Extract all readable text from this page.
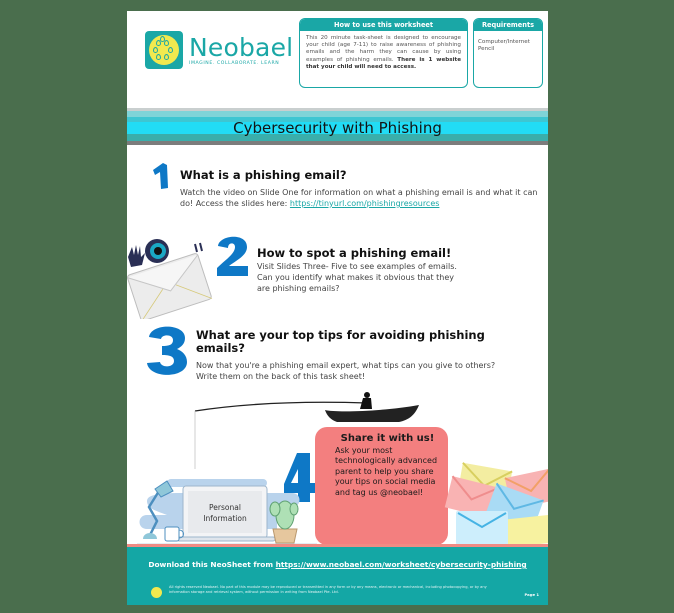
Neobael
IMAGINE. COLLABORATE. LEARN
How to use this worksheet
This 20 minute task-sheet is designed to encourage your child (age 7-11) to raise awareness of phishing emails and the harm they can cause by using examples of phishing emails. There is 1 website that your child will need to access.
Requirements
Computer/Internet
Pencil
Cybersecurity with Phishing
What is a phishing email?
Watch the video on Slide One for information on what a phishing email is and what it can do! Access the slides here: https://tinyurl.com/phishingresources
How to spot a phishing email!
Visit Slides Three- Five to see examples of emails. Can you identify what makes it obvious that they are phishing emails?
What are your top tips for avoiding phishing emails?
Now that you're a phishing email expert, what tips can you give to others? Write them on the back of this task sheet!
Share it with us!
Ask your most technologically advanced parent to help you share your tips on social media and tag us @neobael!
Personal
Information
Download this NeoSheet from https://www.neobael.com/worksheet/cybersecurity-phishing
All rights reserved Neobael. No part of this module may be reproduced or transmitted in any form or by any means, electronic or mechanical, including photocopying, or by any information storage and retrieval system, without permission in writing from Neobael Pte. Ltd.	Page 1
